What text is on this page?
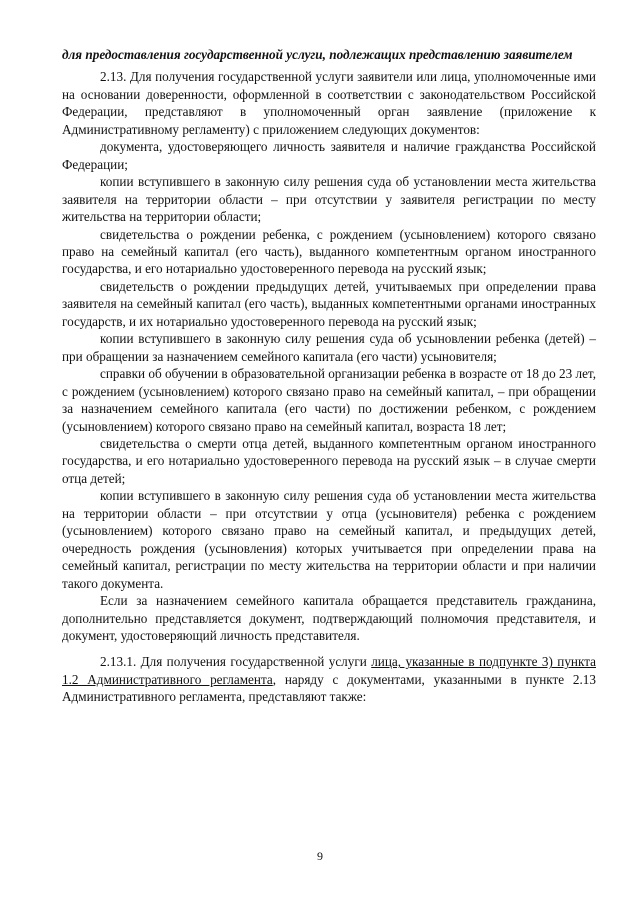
для предоставления государственной услуги, подлежащих представлению заявителем

2.13. Для получения государственной услуги заявители или лица, уполномоченные ими на основании доверенности, оформленной в соответствии с законодательством Российской Федерации, представляют в уполномоченный орган заявление (приложение к Административному регламенту) с приложением следующих документов:

документа, удостоверяющего личность заявителя и наличие гражданства Российской Федерации;

копии вступившего в законную силу решения суда об установлении места жительства заявителя на территории области – при отсутствии у заявителя регистрации по месту жительства на территории области;

свидетельства о рождении ребенка, с рождением (усыновлением) которого связано право на семейный капитал (его часть), выданного компетентным органом иностранного государства, и его нотариально удостоверенного перевода на русский язык;

свидетельств о рождении предыдущих детей, учитываемых при определении права заявителя на семейный капитал (его часть), выданных компетентными органами иностранных государств, и их нотариально удостоверенного перевода на русский язык;

копии вступившего в законную силу решения суда об усыновлении ребенка (детей) – при обращении за назначением семейного капитала (его части) усыновителя;

справки об обучении в образовательной организации ребенка в возрасте от 18 до 23 лет, с рождением (усыновлением) которого связано право на семейный капитал, – при обращении за назначением семейного капитала (его части) по достижении ребенком, с рождением (усыновлением) которого связано право на семейный капитал, возраста 18 лет;

свидетельства о смерти отца детей, выданного компетентным органом иностранного государства, и его нотариально удостоверенного перевода на русский язык – в случае смерти отца детей;

копии вступившего в законную силу решения суда об установлении места жительства на территории области – при отсутствии у отца (усыновителя) ребенка с рождением (усыновлением) которого связано право на семейный капитал, и предыдущих детей, очередность рождения (усыновления) которых учитывается при определении права на семейный капитал, регистрации по месту жительства на территории области и при наличии такого документа.

Если за назначением семейного капитала обращается представитель гражданина, дополнительно представляется документ, подтверждающий полномочия представителя, и документ, удостоверяющий личность представителя.

2.13.1. Для получения государственной услуги лица, указанные в подпункте 3) пункта 1.2 Административного регламента, наряду с документами, указанными в пункте 2.13 Административного регламента, представляют также:

9
